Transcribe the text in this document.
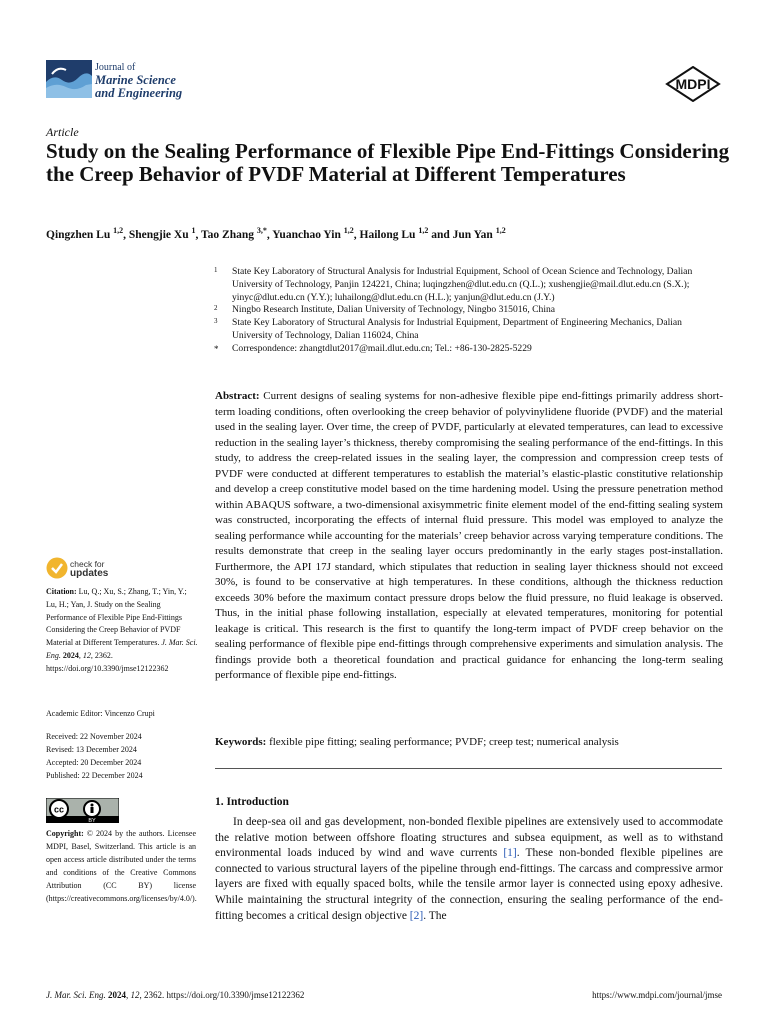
Journal of
Marine Science
and Engineering
MDPI
Article
Study on the Sealing Performance of Flexible Pipe End-Fittings Considering the Creep Behavior of PVDF Material at Different Temperatures
Qingzhen Lu $^{1,2}$, Shengjie Xu $^1$, Tao Zhang $^{3,*}$, Yuanchao Yin $^{1,2}$, Hailong Lu $^{1,2}$ and Jun Yan $^{1,2}$
1 State Key Laboratory of Structural Analysis for Industrial Equipment, School of Ocean Science and Technology, Dalian University of Technology, Panjin 124221, China; luqingzhen@dlut.edu.cn (Q.L.); xushengjie@mail.dlut.edu.cn (S.X.); yinyc@dlut.edu.cn (Y.Y.); luhailong@dlut.edu.cn (H.L.); yanjun@dlut.edu.cn (J.Y.)
2 Ningbo Research Institute, Dalian University of Technology, Ningbo 315016, China
3 State Key Laboratory of Structural Analysis for Industrial Equipment, Department of Engineering Mechanics, Dalian University of Technology, Dalian 116024, China
* Correspondence: zhangtdlut2017@mail.dlut.edu.cn; Tel.: +86-130-2825-5229
Abstract: Current designs of sealing systems for non-adhesive flexible pipe end-fittings primarily address short-term loading conditions, often overlooking the creep behavior of polyvinylidene fluoride (PVDF) and the material used in the sealing layer. Over time, the creep of PVDF, particularly at elevated temperatures, can lead to excessive reduction in the sealing layer’s thickness, thereby compromising the sealing performance of the end-fittings. In this study, to address the creep-related issues in the sealing layer, the compression and compression creep tests of PVDF were conducted at different temperatures to establish the material’s elastic-plastic constitutive relationship and develop a creep constitutive model based on the time hardening model. Using the pressure penetration method within ABAQUS software, a two-dimensional axisymmetric finite element model of the end-fitting sealing system was constructed, incorporating the effects of internal fluid pressure. This model was employed to analyze the sealing performance while accounting for the materials’ creep behavior across varying temperature conditions. The results demonstrate that creep in the sealing layer occurs predominantly in the early stages post-installation. Furthermore, the API 17J standard, which stipulates that reduction in sealing layer thickness should not exceed 30%, is found to be conservative at high temperatures. In these conditions, although the thickness reduction exceeds 30% before the maximum contact pressure drops below the fluid pressure, no fluid leakage is observed. Thus, in the initial phase following installation, especially at elevated temperatures, monitoring for potential leakage is critical. This research is the first to quantify the long-term impact of PVDF creep behavior on the sealing performance of flexible pipe end-fittings through comprehensive experiments and simulation analysis. The findings provide both a theoretical foundation and practical guidance for enhancing the long-term sealing performance of flexible pipe end-fittings.
Keywords: flexible pipe fitting; sealing performance; PVDF; creep test; numerical analysis
check for
updates
Citation: Lu, Q.; Xu, S.; Zhang, T.; Yin, Y.; Lu, H.; Yan, J. Study on the Sealing Performance of Flexible Pipe End-Fittings Considering the Creep Behavior of PVDF Material at Different Temperatures. J. Mar. Sci. Eng. 2024, 12, 2362. https://doi.org/10.3390/jmse12122362
Academic Editor: Vincenzo Crupi
Received: 22 November 2024
Revised: 13 December 2024
Accepted: 20 December 2024
Published: 22 December 2024
cc
BY
Copyright: © 2024 by the authors. Licensee MDPI, Basel, Switzerland. This article is an open access article distributed under the terms and conditions of the Creative Commons Attribution (CC BY) license (https://creativecommons.org/licenses/by/4.0/).
1. Introduction
In deep-sea oil and gas development, non-bonded flexible pipelines are extensively used to accommodate the relative motion between offshore floating structures and subsea equipment, as well as to withstand environmental loads induced by wind and wave currents [1]. These non-bonded flexible pipelines are connected to various structural layers of the pipeline through end-fittings. The carcass and compressive armor layers are fixed with equally spaced bolts, while the tensile armor layer is connected using epoxy adhesive. While maintaining the structural integrity of the connection, ensuring the sealing performance of the end-fitting becomes a critical design objective [2]. The
J. Mar. Sci. Eng. 2024, 12, 2362. https://doi.org/10.3390/jmse12122362	https://www.mdpi.com/journal/jmse
